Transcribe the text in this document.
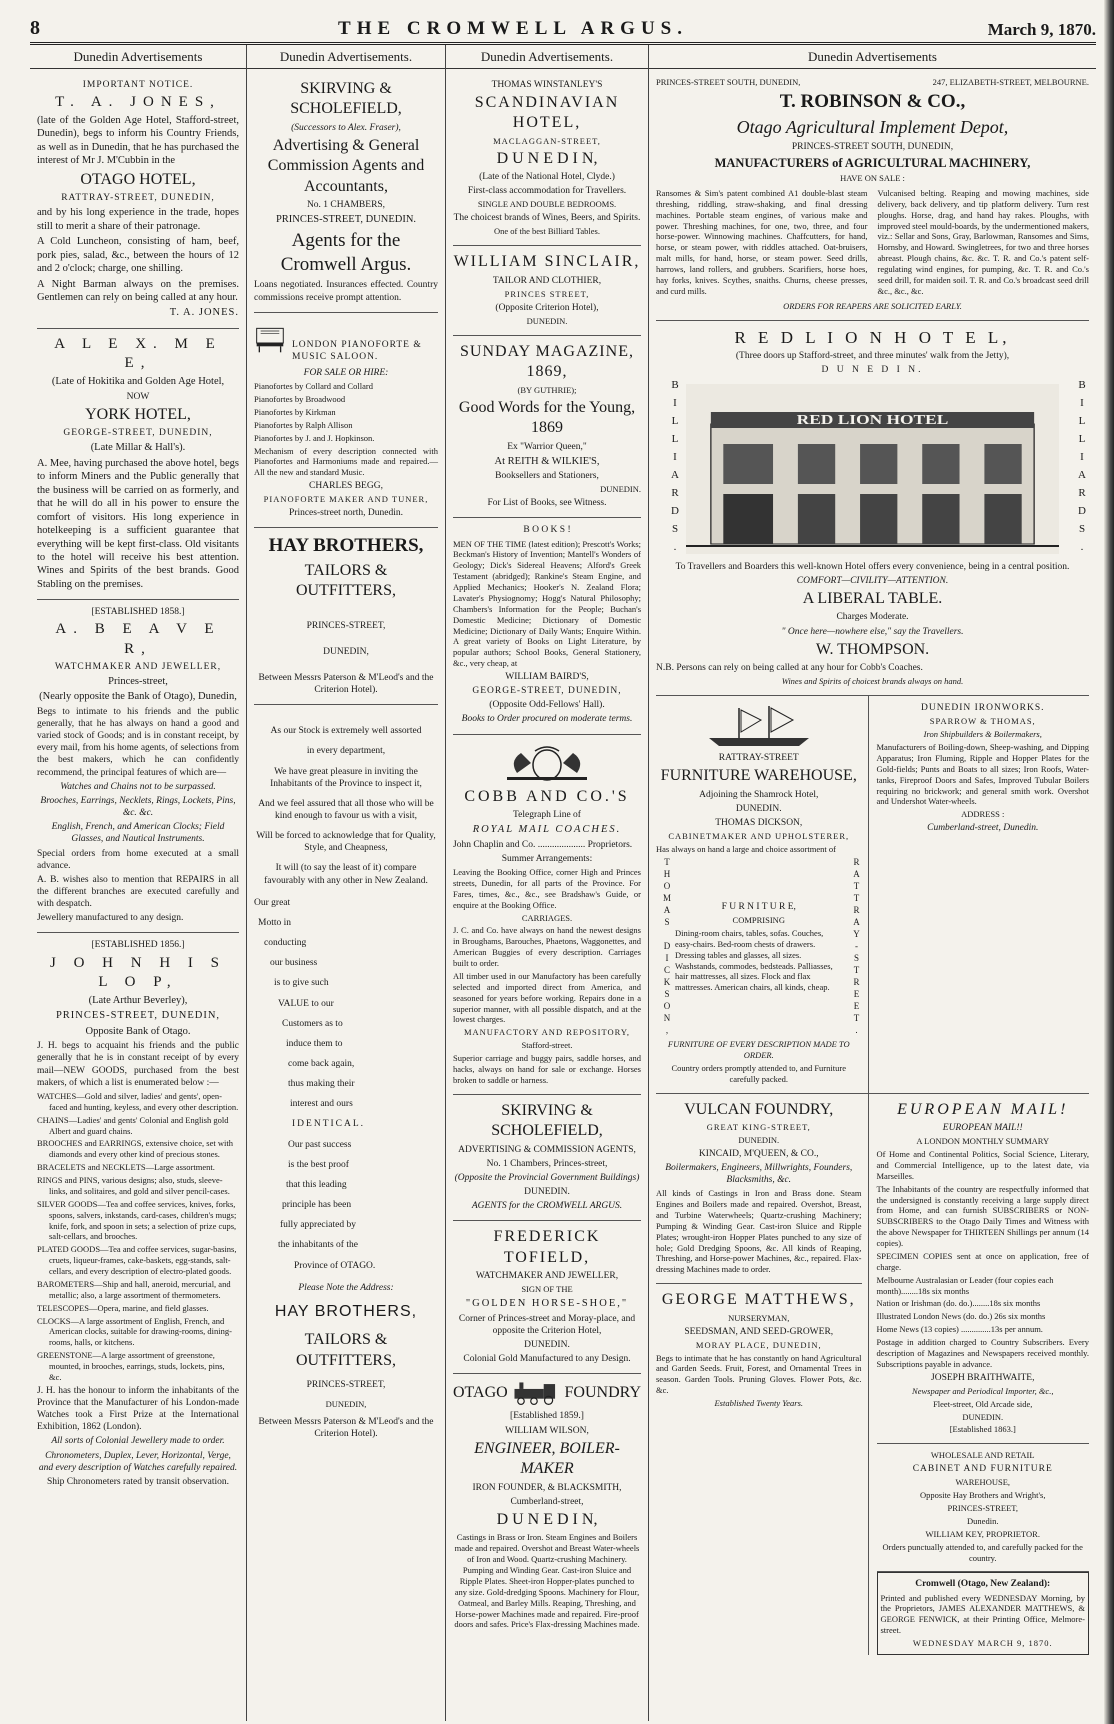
8	THE CROMWELL ARGUS.	March 9, 1870.
Dunedin Advertisements

IMPORTANT NOTICE.

T. A. JONES,

(late of the Golden Age Hotel, Stafford-street, Dunedin), begs to inform his Country Friends, as well as in Dunedin, that he has purchased the interest of Mr J. M'Cubbin in the

OTAGO HOTEL,

RATTRAY-STREET, DUNEDIN,

and by his long experience in the trade, hopes still to merit a share of their patronage.

A Cold Luncheon, consisting of ham, beef, pork pies, salad, &c., between the hours of 12 and 2 o'clock; charge, one shilling.

A Night Barman always on the premises. Gentlemen can rely on being called at any hour.

T. A. JONES.

A L E X. M E E,

(Late of Hokitika and Golden Age Hotel,

NOW

YORK HOTEL,

GEORGE-STREET, DUNEDIN,

(Late Millar & Hall's).

A. Mee, having purchased the above hotel, begs to inform Miners and the Public generally that the business will be carried on as formerly, and that he will do all in his power to ensure the comfort of visitors. His long experience in hotelkeeping is a sufficient guarantee that everything will be kept first-class. Old visitants to the hotel will receive his best attention. Wines and Spirits of the best brands. Good Stabling on the premises.

[ESTABLISHED 1858.]

A. B E A V E R,

WATCHMAKER AND JEWELLER,

Princes-street,

(Nearly opposite the Bank of Otago), Dunedin,

Begs to intimate to his friends and the public generally, that he has always on hand a good and varied stock of Goods; and is in constant receipt, by every mail, from his home agents, of selections from the best makers, which he can confidently recommend, the principal features of which are—

Watches and Chains not to be surpassed.

Brooches, Earrings, Necklets, Rings, Lockets, Pins, &c. &c.

English, French, and American Clocks; Field Glasses, and Nautical Instruments.

Special orders from home executed at a small advance.

A. B. wishes also to mention that REPAIRS in all the different branches are executed carefully and with despatch.

Jewellery manufactured to any design.

[ESTABLISHED 1856.]

J O H N H I S L O P,

(Late Arthur Beverley),

PRINCES-STREET, DUNEDIN,

Opposite Bank of Otago.

J. H. begs to acquaint his friends and the public generally that he is in constant receipt of by every mail—NEW GOODS, purchased from the best makers, of which a list is enumerated below :—

WATCHES—Gold and silver, ladies' and gents', open-faced and hunting, keyless, and every other description.

CHAINS—Ladies' and gents' Colonial and English gold Albert and guard chains.

BROOCHES and EARRINGS, extensive choice, set with diamonds and every other kind of precious stones.

BRACELETS and NECKLETS—Large assortment.

RINGS and PINS, various designs; also, studs, sleeve-links, and solitaires, and gold and silver pencil-cases.

SILVER GOODS—Tea and coffee services, knives, forks, spoons, salvers, inkstands, card-cases, children's mugs; knife, fork, and spoon in sets; a selection of prize cups, salt-cellars, and brooches.

PLATED GOODS—Tea and coffee services, sugar-basins, cruets, liqueur-frames, cake-baskets, egg-stands, salt-cellars, and every description of electro-plated goods.

BAROMETERS—Ship and hall, aneroid, mercurial, and metallic; also, a large assortment of thermometers.

TELESCOPES—Opera, marine, and field glasses.

CLOCKS—A large assortment of English, French, and American clocks, suitable for drawing-rooms, dining-rooms, halls, or kitchens.

GREENSTONE—A large assortment of greenstone, mounted, in brooches, earrings, studs, lockets, pins, &c.

J. H. has the honour to inform the inhabitants of the Province that the Manufacturer of his London-made Watches took a First Prize at the International Exhibition, 1862 (London).

All sorts of Colonial Jewellery made to order.

Chronometers, Duplex, Lever, Horizontal, Verge, and every description of Watches carefully repaired.

Ship Chronometers rated by transit observation.

Dunedin Advertisements.

SKIRVING & SCHOLEFIELD,

(Successors to Alex. Fraser),

Advertising & General Commission Agents and Accountants,

No. 1 CHAMBERS,

PRINCES-STREET, DUNEDIN.

Agents for the Cromwell Argus.

Loans negotiated. Insurances effected. Country commissions receive prompt attention.

LONDON PIANOFORTE & MUSIC SALOON.

FOR SALE OR HIRE:

Pianofortes by Collard and Collard

Pianofortes by Broadwood

Pianofortes by Kirkman

Pianofortes by Ralph Allison

Pianofortes by J. and J. Hopkinson.

Mechanism of every description connected with Pianofortes and Harmoniums made and repaired.—All the new and standard Music.

CHARLES BEGG,

PIANOFORTE MAKER AND TUNER,

Princes-street north, Dunedin.

HAY BROTHERS,

TAILORS & OUTFITTERS,

PRINCES-STREET,

DUNEDIN,

Between Messrs Paterson & M'Leod's and the Criterion Hotel).

As our Stock is extremely well assorted

in every department,

We have great pleasure in inviting the Inhabitants of the Province to inspect it,

And we feel assured that all those who will be kind enough to favour us with a visit,

Will be forced to acknowledge that for Quality, Style, and Cheapness,

It will (to say the least of it) compare favourably with any other in New Zealand.

Our great

Motto in

conducting

our business

is to give such

VALUE to our

Customers as to

induce them to

come back again,

thus making their

interest and ours

IDENTICAL.

Our past success

is the best proof

that this leading

principle has been

fully appreciated by

the inhabitants of the

Province of OTAGO.

Please Note the Address:

HAY BROTHERS,

TAILORS & OUTFITTERS,

PRINCES-STREET,

DUNEDIN,

Between Messrs Paterson & M'Leod's and the Criterion Hotel).

Dunedin Advertisements.

THOMAS WINSTANLEY'S

SCANDINAVIAN HOTEL,

MACLAGGAN-STREET,

D U N E D I N,

(Late of the National Hotel, Clyde.)

First-class accommodation for Travellers.

SINGLE AND DOUBLE BEDROOMS.

The choicest brands of Wines, Beers, and Spirits.

One of the best Billiard Tables.

WILLIAM SINCLAIR,

TAILOR AND CLOTHIER,

PRINCES STREET,

(Opposite Criterion Hotel),

DUNEDIN.

SUNDAY MAGAZINE, 1869,

(BY GUTHRIE);

Good Words for the Young, 1869

Ex "Warrior Queen,"

At REITH & WILKIE'S,

Booksellers and Stationers,

DUNEDIN.

For List of Books, see Witness.

B O O K S !

MEN OF THE TIME (latest edition); Prescott's Works; Beckman's History of Invention; Mantell's Wonders of Geology; Dick's Sidereal Heavens; Alford's Greek Testament (abridged); Rankine's Steam Engine, and Applied Mechanics; Hooker's N. Zealand Flora; Lavater's Physiognomy; Hogg's Natural Philosophy; Chambers's Information for the People; Buchan's Domestic Medicine; Dictionary of Domestic Medicine; Dictionary of Daily Wants; Enquire Within. A great variety of Books on Light Literature, by popular authors; School Books, General Stationery, &c., very cheap, at

WILLIAM BAIRD'S,

GEORGE-STREET, DUNEDIN,

(Opposite Odd-Fellows' Hall).

Books to Order procured on moderate terms.

COBB AND CO.'S

Telegraph Line of

ROYAL MAIL COACHES.

John Chaplin and Co. .................... Proprietors.

Summer Arrangements:

Leaving the Booking Office, corner High and Princes streets, Dunedin, for all parts of the Province. For Fares, times, &c., &c., see Bradshaw's Guide, or enquire at the Booking Office.

CARRIAGES.

J. C. and Co. have always on hand the newest designs in Broughams, Barouches, Phaetons, Waggonettes, and American Buggies of every description. Carriages built to order.

All timber used in our Manufactory has been carefully selected and imported direct from America, and seasoned for years before working. Repairs done in a superior manner, with all possible dispatch, and at the lowest charges.

MANUFACTORY AND REPOSITORY,

Stafford-street.

Superior carriage and buggy pairs, saddle horses, and hacks, always on hand for sale or exchange. Horses broken to saddle or harness.

SKIRVING & SCHOLEFIELD,

ADVERTISING & COMMISSION AGENTS,

No. 1 Chambers, Princes-street,

(Opposite the Provincial Government Buildings)

DUNEDIN.

AGENTS for the CROMWELL ARGUS.

FREDERICK TOFIELD,

WATCHMAKER AND JEWELLER,

SIGN OF THE

"GOLDEN HORSE-SHOE,"

Corner of Princes-street and Moray-place, and opposite the Criterion Hotel,

DUNEDIN.

Colonial Gold Manufactured to any Design.

OTAGO	FOUNDRY

[Established 1859.]

WILLIAM WILSON,

ENGINEER, BOILER-MAKER

IRON FOUNDER, & BLACKSMITH,

Cumberland-street,

D U N E D I N,

Castings in Brass or Iron. Steam Engines and Boilers made and repaired. Overshot and Breast Water-wheels of Iron and Wood. Quartz-crushing Machinery. Pumping and Winding Gear. Cast-iron Sluice and Ripple Plates. Sheet-iron Hopper-plates punched to any size. Gold-dredging Spoons. Machinery for Flour, Oatmeal, and Barley Mills. Reaping, Threshing, and Horse-power Machines made and repaired. Fire-proof doors and safes. Price's Flax-dressing Machines made.

Dunedin Advertisements
PRINCES-STREET SOUTH, DUNEDIN,	247, ELIZABETH-STREET, MELBOURNE.

T. ROBINSON & CO.,

Otago Agricultural Implement Depot,

PRINCES-STREET SOUTH, DUNEDIN,

MANUFACTURERS of AGRICULTURAL MACHINERY,

HAVE ON SALE :

Ransomes & Sim's patent combined A1 double-blast steam threshing, riddling, straw-shaking, and final dressing machines. Portable steam engines, of various make and power. Threshing machines, for one, two, three, and four horse-power. Winnowing machines. Chaffcutters, for hand, horse, or steam power, with riddles attached. Oat-bruisers, malt mills, for hand, horse, or steam power. Seed drills, harrows, land rollers, and grubbers. Scarifiers, horse hoes, hay forks, knives. Scythes, snaiths. Churns, cheese presses, and curd mills.

Vulcanised belting. Reaping and mowing machines, side delivery, back delivery, and tip platform delivery. Turn rest ploughs. Horse, drag, and hand hay rakes. Ploughs, with improved steel mould-boards, by the undermentioned makers, viz.: Sellar and Sons, Gray, Barlowman, Ransomes and Sims, Hornsby, and Howard. Swingletrees, for two and three horses abreast. Plough chains, &c. &c. T. R. and Co.'s patent self-regulating wind engines, for pumping, &c. T. R. and Co.'s seed drill, for maiden soil. T. R. and Co.'s broadcast seed drill &c., &c., &c.

ORDERS FOR REAPERS ARE SOLICITED EARLY.

R E D L I O N H O T E L,

(Three doors up Stafford-street, and three minutes' walk from the Jetty),

D U N E D I N.

BILLIARDS.	RED LION HOTEL	BILLIARDS.

To Travellers and Boarders this well-known Hotel offers every convenience, being in a central position.

COMFORT—CIVILITY—ATTENTION.

A LIBERAL TABLE.

Charges Moderate.

" Once here—nowhere else," say the Travellers.

W. THOMPSON.

N.B. Persons can rely on being called at any hour for Cobb's Coaches.

Wines and Spirits of choicest brands always on hand.

RATTRAY-STREET

FURNITURE WAREHOUSE,

Adjoining the Shamrock Hotel,

DUNEDIN.

THOMAS DICKSON,

CABINETMAKER AND UPHOLSTERER,

Has always on hand a large and choice assortment of

THOMAS DICKSON,	F U R N I T U R E,

COMPRISING

Dining-room chairs, tables, sofas. Couches, easy-chairs. Bed-room chests of drawers. Dressing tables and glasses, all sizes. Washstands, commodes, bedsteads. Palliasses, hair mattresses, all sizes. Flock and flax mattresses. American chairs, all kinds, cheap.	RATTRAY-STREET.

FURNITURE OF EVERY DESCRIPTION MADE TO ORDER.

Country orders promptly attended to, and Furniture carefully packed.

DUNEDIN IRONWORKS.

SPARROW & THOMAS,

Iron Shipbuilders & Boilermakers,

Manufacturers of Boiling-down, Sheep-washing, and Dipping Apparatus; Iron Fluming, Ripple and Hopper Plates for the Gold-fields; Punts and Boats to all sizes; Iron Roofs, Water-tanks, Fireproof Doors and Safes, Improved Tubular Boilers requiring no brickwork; and general smith work. Overshot and Undershot Water-wheels.

ADDRESS :

Cumberland-street, Dunedin.

VULCAN FOUNDRY,

GREAT KING-STREET,

DUNEDIN.

KINCAID, M'QUEEN, & CO.,

Boilermakers, Engineers, Millwrights, Founders, Blacksmiths, &c.

All kinds of Castings in Iron and Brass done. Steam Engines and Boilers made and repaired. Overshot, Breast, and Turbine Waterwheels; Quartz-crushing Machinery; Pumping & Winding Gear. Cast-iron Sluice and Ripple Plates; wrought-iron Hopper Plates punched to any size of hole; Gold Dredging Spoons, &c. All kinds of Reaping, Threshing, and Horse-power Machines, &c., repaired. Flax-dressing Machines made to order.

GEORGE MATTHEWS,

NURSERYMAN,

SEEDSMAN, AND SEED-GROWER,

MORAY PLACE, DUNEDIN,

Begs to intimate that he has constantly on hand Agricultural and Garden Seeds. Fruit, Forest, and Ornamental Trees in season. Garden Tools. Pruning Gloves. Flower Pots, &c. &c.

Established Twenty Years.

EUROPEAN MAIL!

EUROPEAN MAIL!!

A LONDON MONTHLY SUMMARY

Of Home and Continental Politics, Social Science, Literary, and Commercial Intelligence, up to the latest date, via Marseilles.

The Inhabitants of the country are respectfully informed that the undersigned is constantly receiving a large supply direct from Home, and can furnish SUBSCRIBERS or NON-SUBSCRIBERS to the Otago Daily Times and Witness with the above Newspaper for THIRTEEN Shillings per annum (14 copies).

SPECIMEN COPIES sent at once on application, free of charge.

Melbourne Australasian or Leader (four copies each month)........18s six months

Nation or Irishman (do. do.)........18s six months

Illustrated London News (do. do.) 26s six months

Home News (13 copies) ..............13s per annum.

Postage in addition charged to Country Subscribers. Every description of Magazines and Newspapers received monthly. Subscriptions payable in advance.

JOSEPH BRAITHWAITE,

Newspaper and Periodical Importer, &c.,

Fleet-street, Old Arcade side,

DUNEDIN.

[Established 1863.]

WHOLESALE AND RETAIL

CABINET AND FURNITURE

WAREHOUSE,

Opposite Hay Brothers and Wright's,

PRINCES-STREET,

Dunedin.

WILLIAM KEY, PROPRIETOR.

Orders punctually attended to, and carefully packed for the country.

Cromwell (Otago, New Zealand):

Printed and published every WEDNESDAY Morning, by the Proprietors, JAMES ALEXANDER MATTHEWS, & GEORGE FENWICK, at their Printing Office, Melmore-street.

WEDNESDAY MARCH 9, 1870.
